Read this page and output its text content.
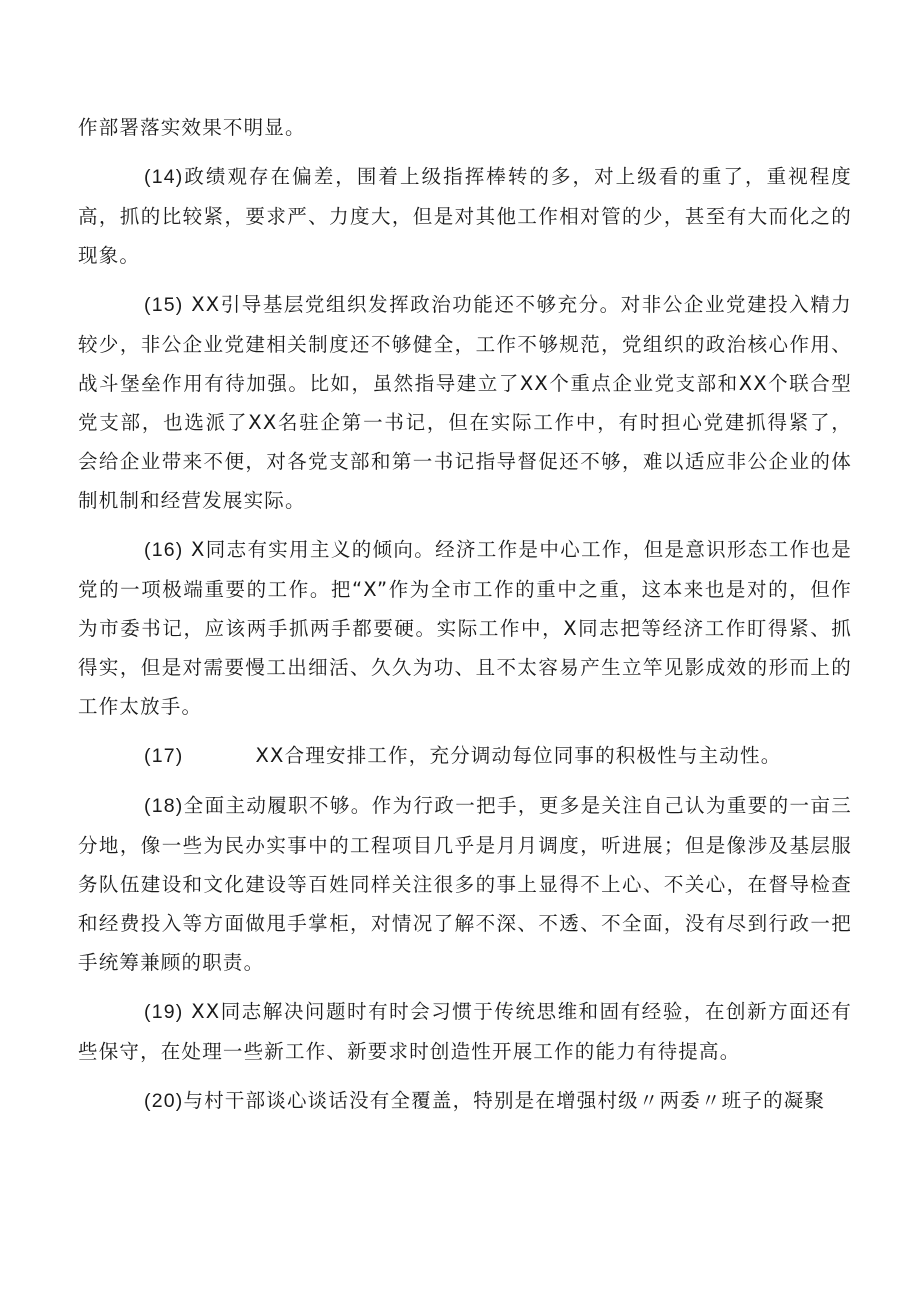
作部署落实效果不明显。

(14)政绩观存在偏差，围着上级指挥棒转的多，对上级看的重了，重视程度高，抓的比较紧，要求严、力度大，但是对其他工作相对管的少，甚至有大而化之的现象。

(15) XX引导基层党组织发挥政治功能还不够充分。对非公企业党建投入精力较少，非公企业党建相关制度还不够健全，工作不够规范，党组织的政治核心作用、战斗堡垒作用有待加强。比如，虽然指导建立了XX个重点企业党支部和XX个联合型党支部，也选派了XX名驻企第一书记，但在实际工作中，有时担心党建抓得紧了，会给企业带来不便，对各党支部和第一书记指导督促还不够，难以适应非公企业的体制机制和经营发展实际。

(16) X同志有实用主义的倾向。经济工作是中心工作，但是意识形态工作也是党的一项极端重要的工作。把“X”作为全市工作的重中之重，这本来也是对的，但作为市委书记，应该两手抓两手都要硬。实际工作中，X同志把等经济工作盯得紧、抓得实，但是对需要慢工出细活、久久为功、且不太容易产生立竿见影成效的形而上的工作太放手。

(17)	XX合理安排工作，充分调动每位同事的积极性与主动性。

(18)全面主动履职不够。作为行政一把手，更多是关注自己认为重要的一亩三分地，像一些为民办实事中的工程项目几乎是月月调度，听进展；但是像涉及基层服务队伍建设和文化建设等百姓同样关注很多的事上显得不上心、不关心，在督导检查和经费投入等方面做甩手掌柜，对情况了解不深、不透、不全面，没有尽到行政一把手统筹兼顾的职责。

(19) XX同志解决问题时有时会习惯于传统思维和固有经验，在创新方面还有些保守，在处理一些新工作、新要求时创造性开展工作的能力有待提高。

(20)与村干部谈心谈话没有全覆盖，特别是在增强村级〃两委〃班子的凝聚
